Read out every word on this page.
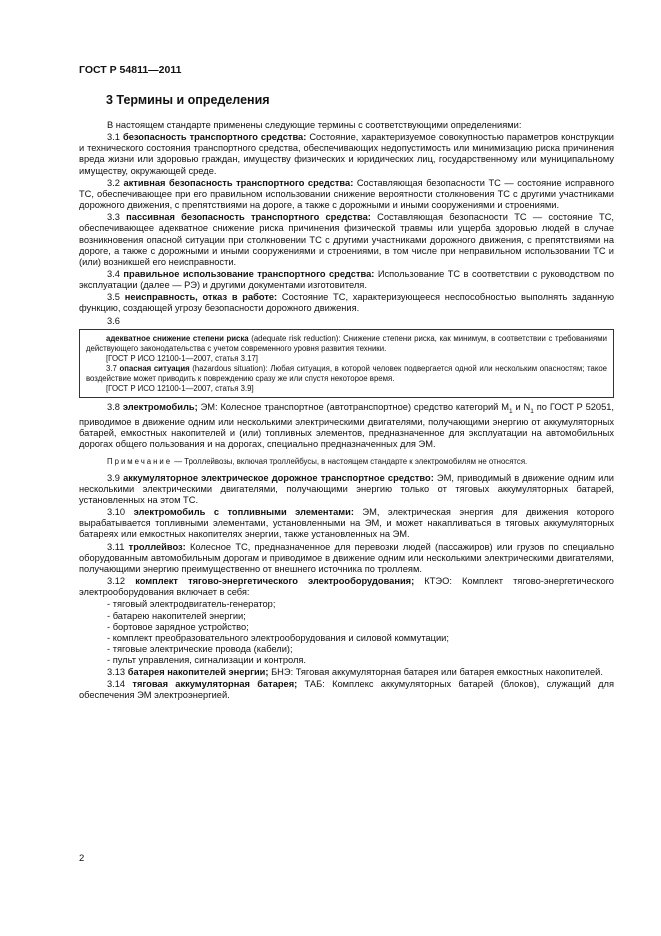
ГОСТ Р 54811—2011
3 Термины и определения

В настоящем стандарте применены следующие термины с соответствующими определениями:

3.1 безопасность транспортного средства: Состояние, характеризуемое совокупностью параметров конструкции и технического состояния транспортного средства, обеспечивающих недопустимость или минимизацию риска причинения вреда жизни или здоровью граждан, имуществу физических и юридических лиц, государственному или муниципальному имуществу, окружающей среде.

3.2 активная безопасность транспортного средства: Составляющая безопасности ТС — состояние исправного ТС, обеспечивающее при его правильном использовании снижение вероятности столкновения ТС с другими участниками дорожного движения, с препятствиями на дороге, а также с дорожными и иными сооружениями и строениями.

3.3 пассивная безопасность транспортного средства: Составляющая безопасности ТС — состояние ТС, обеспечивающее адекватное снижение риска причинения физической травмы или ущерба здоровью людей в случае возникновения опасной ситуации при столкновении ТС с другими участниками дорожного движения, с препятствиями на дороге, а также с дорожными и иными сооружениями и строениями, в том числе при неправильном использовании ТС и (или) возникшей его неисправности.

3.4 правильное использование транспортного средства: Использование ТС в соответствии с руководством по эксплуатации (далее — РЭ) и другими документами изготовителя.

3.5 неисправность, отказ в работе: Состояние ТС, характеризующееся неспособностью выполнять заданную функцию, создающей угрозу безопасности дорожного движения.

3.6

адекватное снижение степени риска (adequate risk reduction): Снижение степени риска, как минимум, в соответствии с требованиями действующего законодательства с учетом современного уровня развития техники.

[ГОСТ Р ИСО 12100-1—2007, статья 3.17]

3.7 опасная ситуация (hazardous situation): Любая ситуация, в которой человек подвергается одной или нескольким опасностям; такое воздействие может приводить к повреждению сразу же или спустя некоторое время.

[ГОСТ Р ИСО 12100-1—2007, статья 3.9]

3.8 электромобиль; ЭМ: Колесное транспортное (автотранспортное) средство категорий $М_1$ и $N_1$ по ГОСТ Р 52051, приводимое в движение одним или несколькими электрическими двигателями, получающими энергию от аккумуляторных батарей, емкостных накопителей и (или) топливных элементов, предназначенное для эксплуатации на автомобильных дорогах общего пользования и на дорогах, специально предназначенных для ЭМ.

Примечание — Троллейвозы, включая троллейбусы, в настоящем стандарте к электромобилям не относятся.

3.9 аккумуляторное электрическое дорожное транспортное средство: ЭМ, приводимый в движение одним или несколькими электрическими двигателями, получающими энергию только от тяговых аккумуляторных батарей, установленных на этом ТС.

3.10 электромобиль с топливными элементами: ЭМ, электрическая энергия для движения которого вырабатывается топливными элементами, установленными на ЭМ, и может накапливаться в тяговых аккумуляторных батареях или емкостных накопителях энергии, также установленных на ЭМ.

3.11 троллейвоз: Колесное ТС, предназначенное для перевозки людей (пассажиров) или грузов по специально оборудованным автомобильным дорогам и приводимое в движение одним или несколькими электрическими двигателями, получающими энергию преимущественно от внешнего источника по троллеям.

3.12 комплект тягово-энергетического электрооборудования; КТЭО: Комплект тягово-энергетического электрооборудования включает в себя:

- тяговый электродвигатель-генератор;
- батарею накопителей энергии;
- бортовое зарядное устройство;
- комплект преобразовательного электрооборудования и силовой коммутации;
- тяговые электрические провода (кабели);
- пульт управления, сигнализации и контроля.

3.13 батарея накопителей энергии; БНЭ: Тяговая аккумуляторная батарея или батарея емкостных накопителей.

3.14 тяговая аккумуляторная батарея; ТАБ: Комплекс аккумуляторных батарей (блоков), служащий для обеспечения ЭМ электроэнергией.

2
